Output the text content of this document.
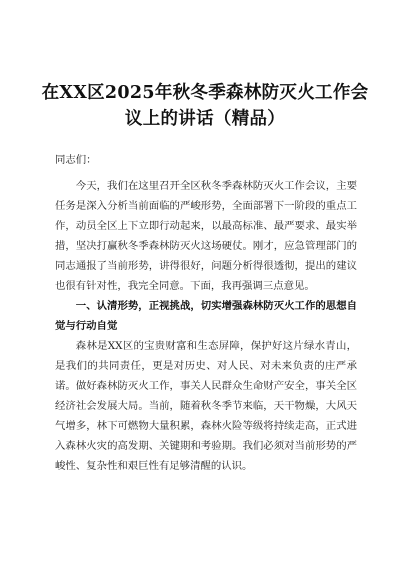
在XX区2025年秋冬季森林防灭火工作会
议上的讲话（精品）

同志们：

今天，我们在这里召开全区秋冬季森林防灭火工作会议，主要任务是深入分析当前面临的严峻形势，全面部署下一阶段的重点工作，动员全区上下立即行动起来，以最高标准、最严要求、最实举措，坚决打赢秋冬季森林防灭火这场硬仗。刚才，应急管理部门的同志通报了当前形势，讲得很好，问题分析得很透彻，提出的建议也很有针对性，我完全同意。下面，我再强调三点意见。

一、认清形势，正视挑战，切实增强森林防灭火工作的思想自觉与行动自觉

森林是XX区的宝贵财富和生态屏障，保护好这片绿水青山，是我们的共同责任，更是对历史、对人民、对未来负责的庄严承诺。做好森林防灭火工作，事关人民群众生命财产安全，事关全区经济社会发展大局。当前，随着秋冬季节来临，天干物燥，大风天气增多，林下可燃物大量积累，森林火险等级将持续走高，正式进入森林火灾的高发期、关键期和考验期。我们必须对当前形势的严峻性、复杂性和艰巨性有足够清醒的认识。
